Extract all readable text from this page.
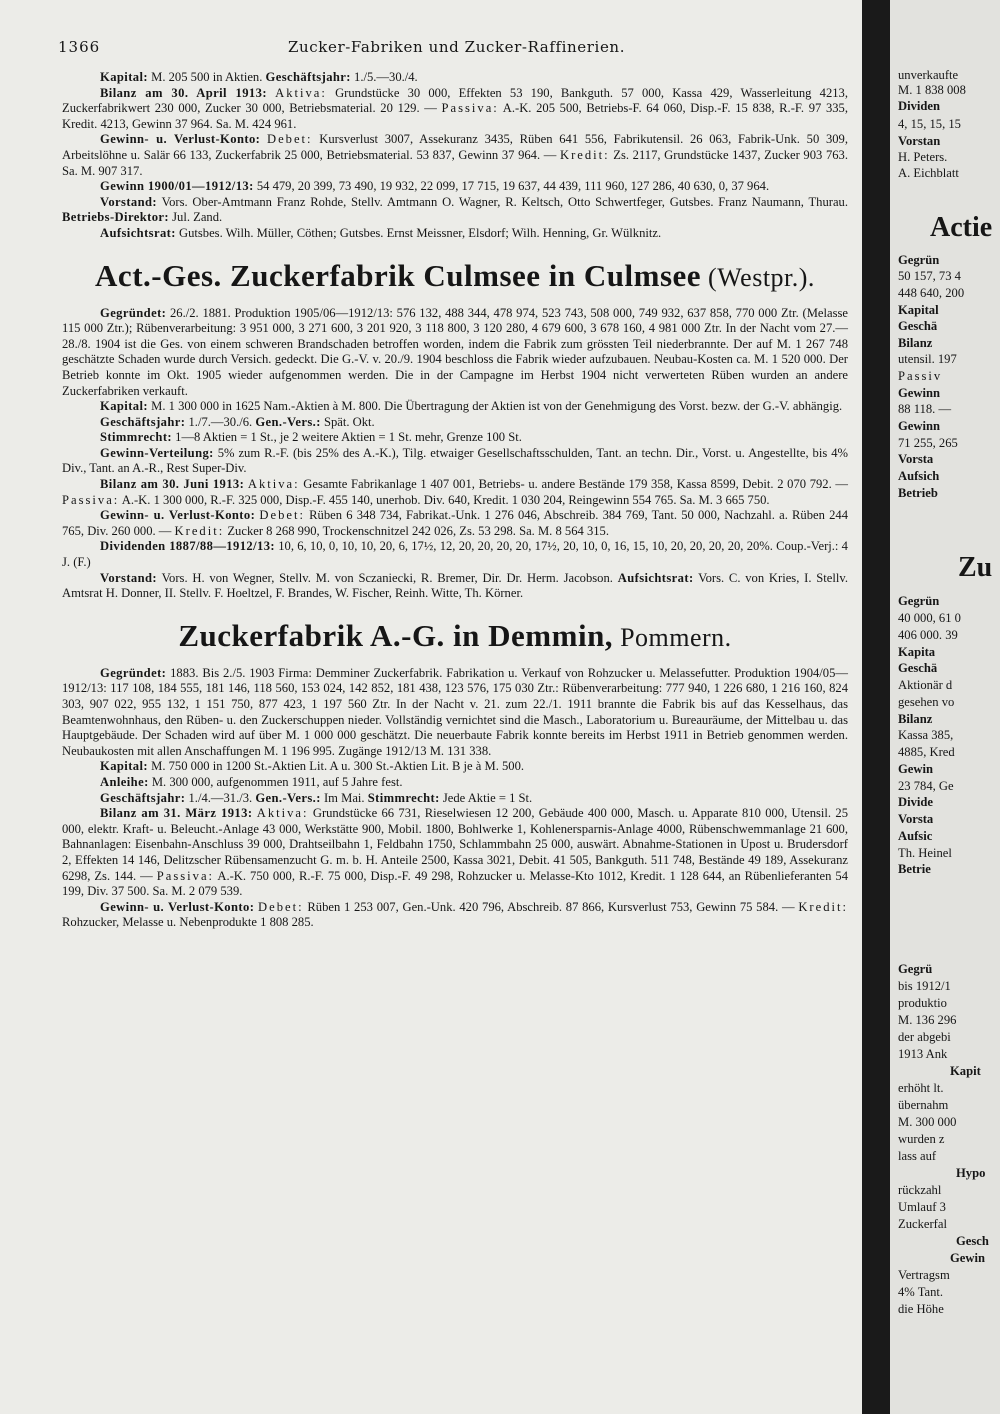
1366	Zucker-Fabriken und Zucker-Raffinerien.

Kapital: M. 205 500 in Aktien. Geschäftsjahr: 1./5.—30./4.

Bilanz am 30. April 1913: Aktiva: Grundstücke 30 000, Effekten 53 190, Bankguth. 57 000, Kassa 429, Wasserleitung 4213, Zuckerfabrikwert 230 000, Zucker 30 000, Betriebsmaterial. 20 129. — Passiva: A.-K. 205 500, Betriebs-F. 64 060, Disp.-F. 15 838, R.-F. 97 335, Kredit. 4213, Gewinn 37 964. Sa. M. 424 961.

Gewinn- u. Verlust-Konto: Debet: Kursverlust 3007, Assekuranz 3435, Rüben 641 556, Fabrikutensil. 26 063, Fabrik-Unk. 50 309, Arbeitslöhne u. Salär 66 133, Zuckerfabrik 25 000, Betriebsmaterial. 53 837, Gewinn 37 964. — Kredit: Zs. 2117, Grundstücke 1437, Zucker 903 763. Sa. M. 907 317.

Gewinn 1900/01—1912/13: 54 479, 20 399, 73 490, 19 932, 22 099, 17 715, 19 637, 44 439, 111 960, 127 286, 40 630, 0, 37 964.

Vorstand: Vors. Ober-Amtmann Franz Rohde, Stellv. Amtmann O. Wagner, R. Keltsch, Otto Schwertfeger, Gutsbes. Franz Naumann, Thurau. Betriebs-Direktor: Jul. Zand.

Aufsichtsrat: Gutsbes. Wilh. Müller, Cöthen; Gutsbes. Ernst Meissner, Elsdorf; Wilh. Henning, Gr. Wülknitz.

Act.-Ges. Zuckerfabrik Culmsee in Culmsee (Westpr.).

Gegründet: 26./2. 1881. Produktion 1905/06—1912/13: 576 132, 488 344, 478 974, 523 743, 508 000, 749 932, 637 858, 770 000 Ztr. (Melasse 115 000 Ztr.); Rübenverarbeitung: 3 951 000, 3 271 600, 3 201 920, 3 118 800, 3 120 280, 4 679 600, 3 678 160, 4 981 000 Ztr. In der Nacht vom 27.—28./8. 1904 ist die Ges. von einem schweren Brandschaden betroffen worden, indem die Fabrik zum grössten Teil niederbrannte. Der auf M. 1 267 748 geschätzte Schaden wurde durch Versich. gedeckt. Die G.-V. v. 20./9. 1904 beschloss die Fabrik wieder aufzubauen. Neubau-Kosten ca. M. 1 520 000. Der Betrieb konnte im Okt. 1905 wieder aufgenommen werden. Die in der Campagne im Herbst 1904 nicht verwerteten Rüben wurden an andere Zuckerfabriken verkauft.

Kapital: M. 1 300 000 in 1625 Nam.-Aktien à M. 800. Die Übertragung der Aktien ist von der Genehmigung des Vorst. bezw. der G.-V. abhängig.

Geschäftsjahr: 1./7.—30./6. Gen.-Vers.: Spät. Okt.

Stimmrecht: 1—8 Aktien = 1 St., je 2 weitere Aktien = 1 St. mehr, Grenze 100 St.

Gewinn-Verteilung: 5% zum R.-F. (bis 25% des A.-K.), Tilg. etwaiger Gesellschaftsschulden, Tant. an techn. Dir., Vorst. u. Angestellte, bis 4% Div., Tant. an A.-R., Rest Super-Div.

Bilanz am 30. Juni 1913: Aktiva: Gesamte Fabrikanlage 1 407 001, Betriebs- u. andere Bestände 179 358, Kassa 8599, Debit. 2 070 792. — Passiva: A.-K. 1 300 000, R.-F. 325 000, Disp.-F. 455 140, unerhob. Div. 640, Kredit. 1 030 204, Reingewinn 554 765. Sa. M. 3 665 750.

Gewinn- u. Verlust-Konto: Debet: Rüben 6 348 734, Fabrikat.-Unk. 1 276 046, Abschreib. 384 769, Tant. 50 000, Nachzahl. a. Rüben 244 765, Div. 260 000. — Kredit: Zucker 8 268 990, Trockenschnitzel 242 026, Zs. 53 298. Sa. M. 8 564 315.

Dividenden 1887/88—1912/13: 10, 6, 10, 0, 10, 10, 20, 6, 17½, 12, 20, 20, 20, 20, 17½, 20, 10, 0, 16, 15, 10, 20, 20, 20, 20, 20%. Coup.-Verj.: 4 J. (F.)

Vorstand: Vors. H. von Wegner, Stellv. M. von Sczaniecki, R. Bremer, Dir. Dr. Herm. Jacobson. Aufsichtsrat: Vors. C. von Kries, I. Stellv. Amtsrat H. Donner, II. Stellv. F. Hoeltzel, F. Brandes, W. Fischer, Reinh. Witte, Th. Körner.

Zuckerfabrik A.-G. in Demmin, Pommern.

Gegründet: 1883. Bis 2./5. 1903 Firma: Demminer Zuckerfabrik. Fabrikation u. Verkauf von Rohzucker u. Melassefutter. Produktion 1904/05—1912/13: 117 108, 184 555, 181 146, 118 560, 153 024, 142 852, 181 438, 123 576, 175 030 Ztr.: Rübenverarbeitung: 777 940, 1 226 680, 1 216 160, 824 303, 907 022, 955 132, 1 151 750, 877 423, 1 197 560 Ztr. In der Nacht v. 21. zum 22./1. 1911 brannte die Fabrik bis auf das Kesselhaus, das Beamtenwohnhaus, den Rüben- u. den Zuckerschuppen nieder. Vollständig vernichtet sind die Masch., Laboratorium u. Bureauräume, der Mittelbau u. das Hauptgebäude. Der Schaden wird auf über M. 1 000 000 geschätzt. Die neuerbaute Fabrik konnte bereits im Herbst 1911 in Betrieb genommen werden. Neubaukosten mit allen Anschaffungen M. 1 196 995. Zugänge 1912/13 M. 131 338.

Kapital: M. 750 000 in 1200 St.-Aktien Lit. A u. 300 St.-Aktien Lit. B je à M. 500.

Anleihe: M. 300 000, aufgenommen 1911, auf 5 Jahre fest.

Geschäftsjahr: 1./4.—31./3. Gen.-Vers.: Im Mai. Stimmrecht: Jede Aktie = 1 St.

Bilanz am 31. März 1913: Aktiva: Grundstücke 66 731, Rieselwiesen 12 200, Gebäude 400 000, Masch. u. Apparate 810 000, Utensil. 25 000, elektr. Kraft- u. Beleucht.-Anlage 43 000, Werkstätte 900, Mobil. 1800, Bohlwerke 1, Kohlenersparnis-Anlage 4000, Rübenschwemmanlage 21 600, Bahnanlagen: Eisenbahn-Anschluss 39 000, Drahtseilbahn 1, Feldbahn 1750, Schlammbahn 25 000, auswärt. Abnahme-Stationen in Upost u. Brudersdorf 2, Effekten 14 146, Delitzscher Rübensamenzucht G. m. b. H. Anteile 2500, Kassa 3021, Debit. 41 505, Bankguth. 511 748, Bestände 49 189, Assekuranz 6298, Zs. 144. — Passiva: A.-K. 750 000, R.-F. 75 000, Disp.-F. 49 298, Rohzucker u. Melasse-Kto 1012, Kredit. 1 128 644, an Rübenlieferanten 54 199, Div. 37 500. Sa. M. 2 079 539.

Gewinn- u. Verlust-Konto: Debet: Rüben 1 253 007, Gen.-Unk. 420 796, Abschreib. 87 866, Kursverlust 753, Gewinn 75 584. — Kredit: Rohzucker, Melasse u. Nebenprodukte 1 808 285.

unverkaufte
M. 1 838 008
Dividen
4, 15, 15, 15
Vorstan
H. Peters.
A. Eichblatt
Actie
Gegrün
50 157, 73 4
448 640, 200
Kapital
Geschä
Bilanz
utensil. 197
Passiv
Gewinn
88 118. —
Gewinn
71 255, 265
Vorsta
Aufsich
Betrieb
Zu
Gegrün
40 000, 61 0
406 000. 39
Kapita
Geschä
Aktionär d
gesehen vo
Bilanz
Kassa 385,
4885, Kred
Gewin
23 784, Ge
Divide
Vorsta
Aufsic
Th. Heinel
Betrie
Gegrü
bis 1912/1
produktio
M. 136 296
der abgebi
1913 Ank
Kapit
erhöht lt.
übernahm
M. 300 000
wurden z
lass auf
Hypo
rückzahl
Umlauf 3
Zuckerfal
Gesch
Gewin
Vertragsm
4% Tant.
die Höhe
